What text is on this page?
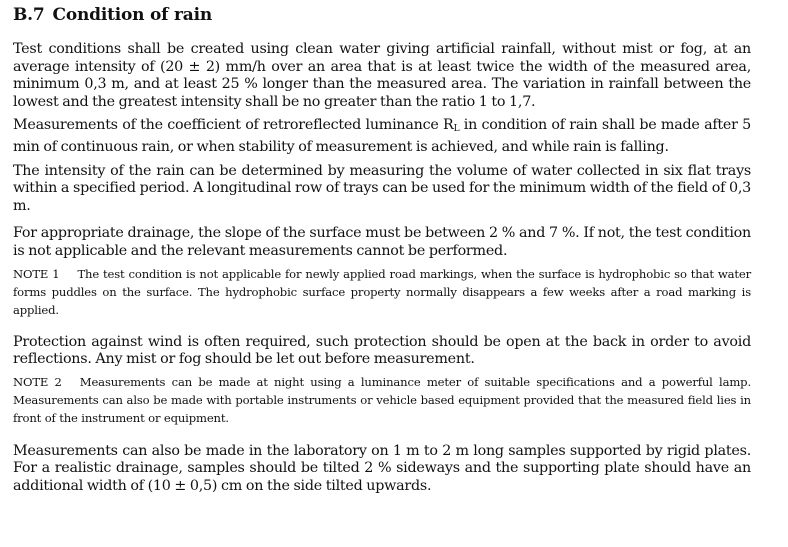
B.7 Condition of rain

Test conditions shall be created using clean water giving artificial rainfall, without mist or fog, at an average intensity of (20 ± 2) mm/h over an area that is at least twice the width of the measured area, minimum 0,3 m, and at least 25 % longer than the measured area. The variation in rainfall between the lowest and the greatest intensity shall be no greater than the ratio 1 to 1,7.

Measurements of the coefficient of retroreflected luminance $R_L$ in condition of rain shall be made after 5 min of continuous rain, or when stability of measurement is achieved, and while rain is falling.

The intensity of the rain can be determined by measuring the volume of water collected in six flat trays within a specified period. A longitudinal row of trays can be used for the minimum width of the field of 0,3 m.

For appropriate drainage, the slope of the surface must be between 2 % and 7 %. If not, the test condition is not applicable and the relevant measurements cannot be performed.

NOTE 1 The test condition is not applicable for newly applied road markings, when the surface is hydrophobic so that water forms puddles on the surface. The hydrophobic surface property normally disappears a few weeks after a road marking is applied.

Protection against wind is often required, such protection should be open at the back in order to avoid reflections. Any mist or fog should be let out before measurement.

NOTE 2 Measurements can be made at night using a luminance meter of suitable specifications and a powerful lamp. Measurements can also be made with portable instruments or vehicle based equipment provided that the measured field lies in front of the instrument or equipment.

Measurements can also be made in the laboratory on 1 m to 2 m long samples supported by rigid plates. For a realistic drainage, samples should be tilted 2 % sideways and the supporting plate should have an additional width of (10 ± 0,5) cm on the side tilted upwards.
